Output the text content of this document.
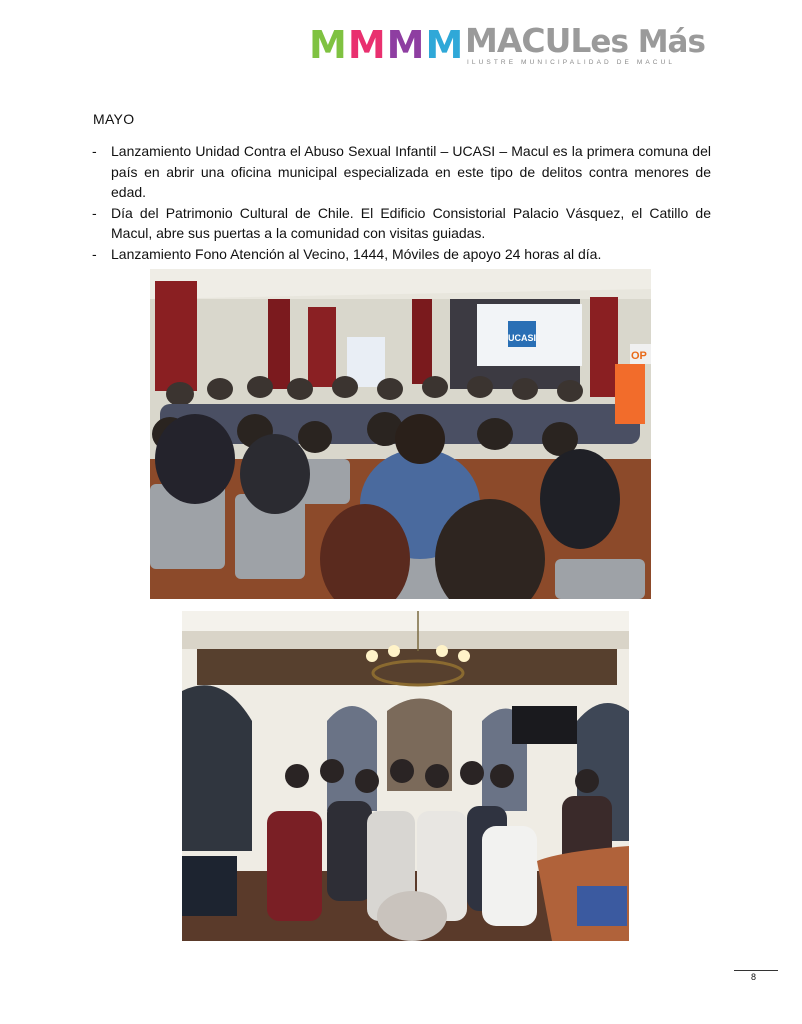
M M M M MACULes Más
ILUSTRE MUNICIPALIDAD DE MACUL
MAYO
- Lanzamiento Unidad Contra el Abuso Sexual Infantil – UCASI – Macul es la primera comuna del país en abrir una oficina municipal especializada en este tipo de delitos contra menores de edad.
- Día del Patrimonio Cultural de Chile. El Edificio Consistorial Palacio Vásquez, el Catillo de Macul, abre sus puertas a la comunidad con visitas guiadas.
- Lanzamiento Fono Atención al Vecino, 1444, Móviles de apoyo 24 horas al día.
UCASI
OP
8
